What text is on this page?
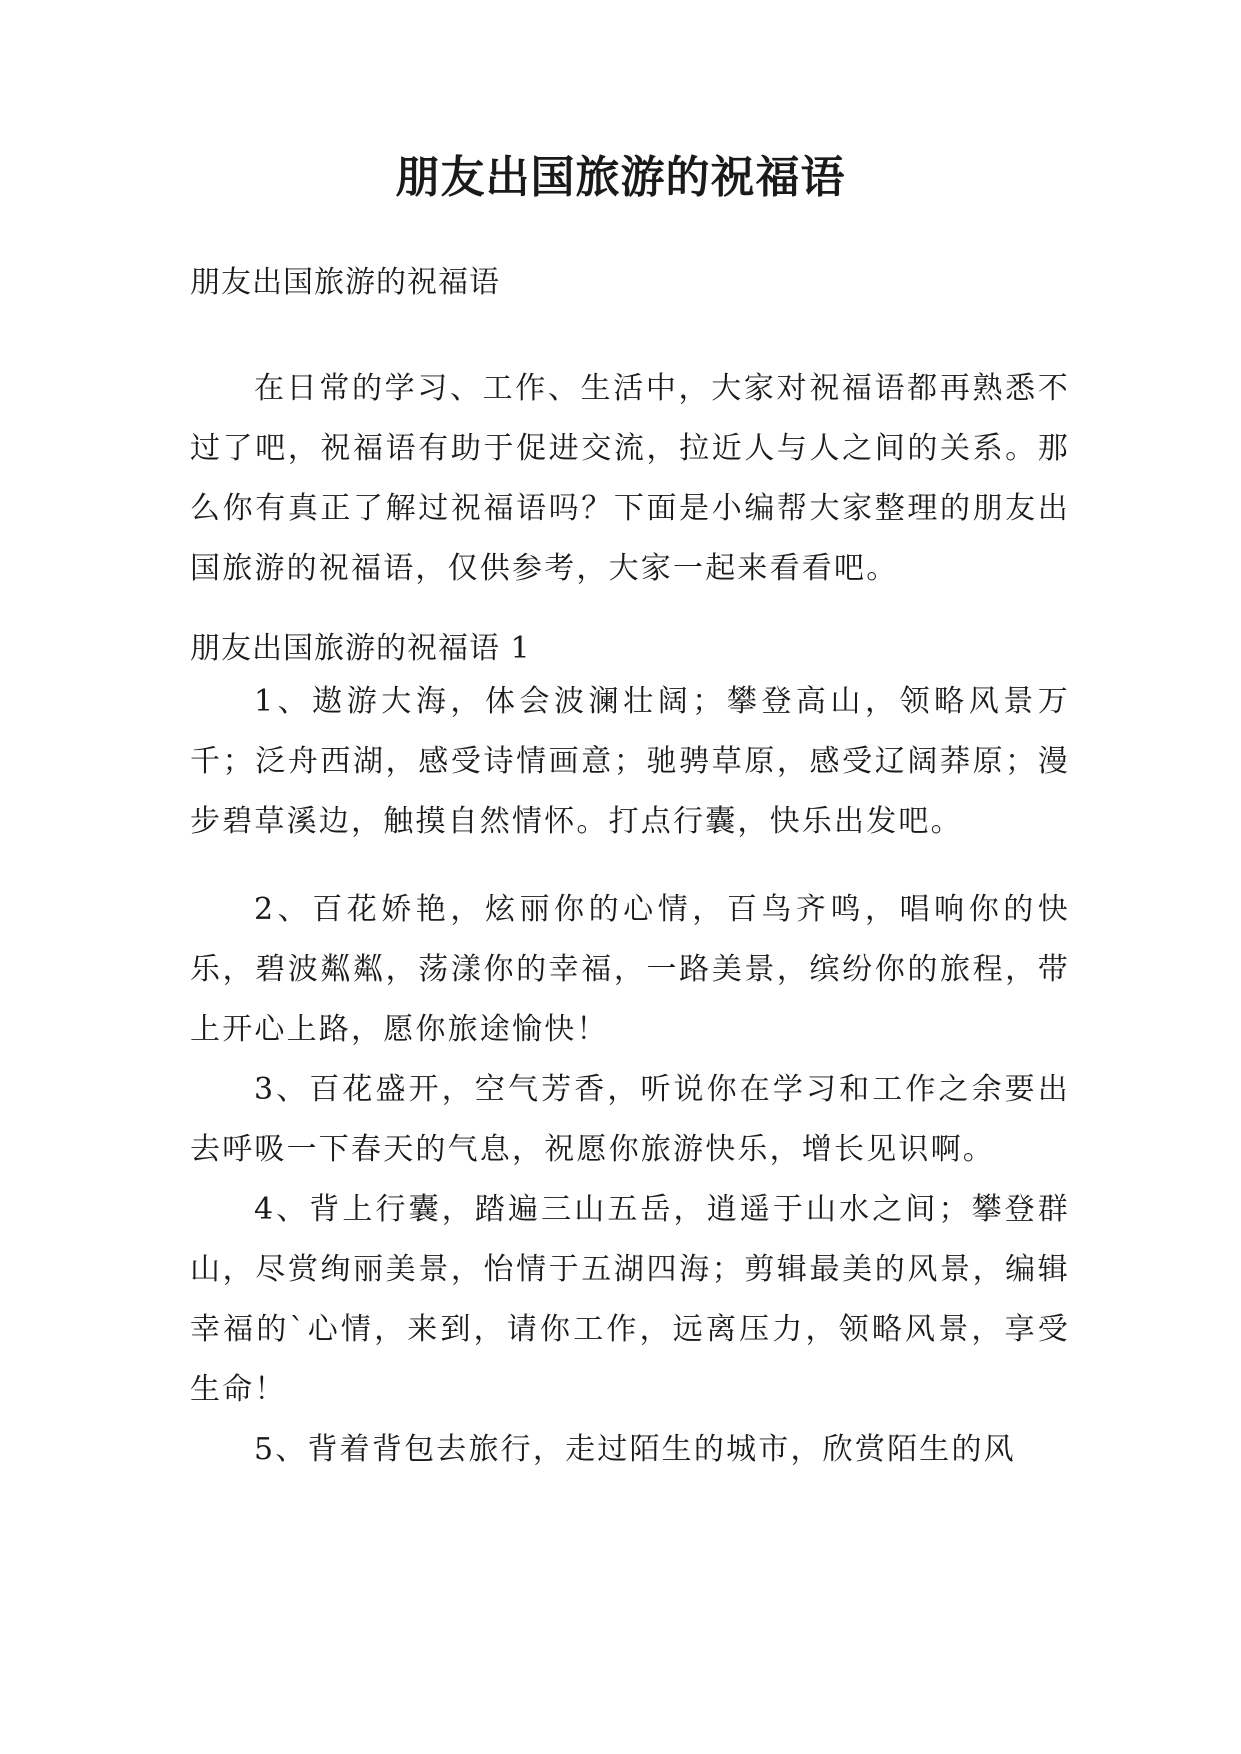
朋友出国旅游的祝福语
朋友出国旅游的祝福语

在日常的学习、工作、生活中，大家对祝福语都再熟悉不过了吧，祝福语有助于促进交流，拉近人与人之间的关系。那么你有真正了解过祝福语吗？下面是小编帮大家整理的朋友出国旅游的祝福语，仅供参考，大家一起来看看吧。

朋友出国旅游的祝福语 1

1、遨游大海，体会波澜壮阔；攀登高山，领略风景万千；泛舟西湖，感受诗情画意；驰骋草原，感受辽阔莽原；漫步碧草溪边，触摸自然情怀。打点行囊，快乐出发吧。

2、百花娇艳，炫丽你的心情，百鸟齐鸣，唱响你的快乐，碧波粼粼，荡漾你的幸福，一路美景，缤纷你的旅程，带上开心上路，愿你旅途愉快！

3、百花盛开，空气芳香，听说你在学习和工作之余要出去呼吸一下春天的气息，祝愿你旅游快乐，增长见识啊。

4、背上行囊，踏遍三山五岳，逍遥于山水之间；攀登群山，尽赏绚丽美景，怡情于五湖四海；剪辑最美的风景，编辑幸福的`心情，来到，请你工作，远离压力，领略风景，享受生命！

5、背着背包去旅行，走过陌生的城市，欣赏陌生的风
